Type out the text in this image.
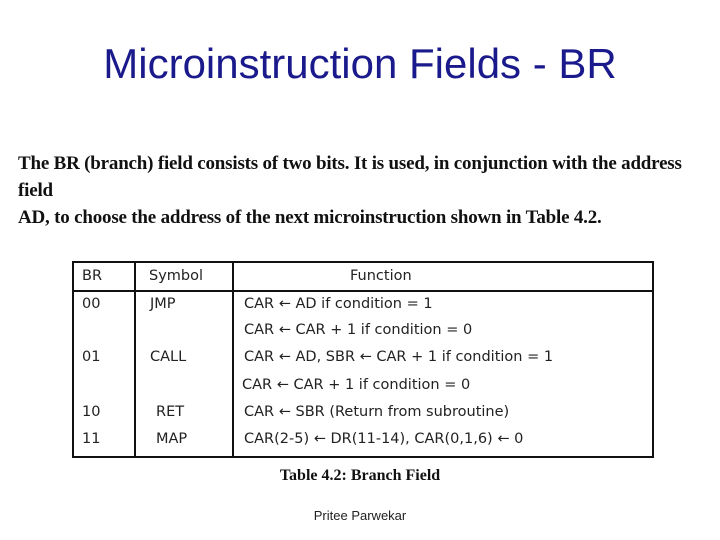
Microinstruction Fields - BR
The BR (branch) field consists of two bits. It is used, in conjunction with the address field
AD, to choose the address of the next microinstruction shown in Table 4.2.
BR	Symbol	Function
00	JMP	CAR ← AD if condition = 1
CAR ← CAR + 1 if condition = 0
01	CALL	CAR ← AD, SBR ← CAR + 1 if condition = 1
CAR ← CAR + 1 if condition = 0
10	RET	CAR ← SBR (Return from subroutine)
11	MAP	CAR(2-5) ← DR(11-14), CAR(0,1,6) ← 0
Table 4.2: Branch Field
Pritee Parwekar
